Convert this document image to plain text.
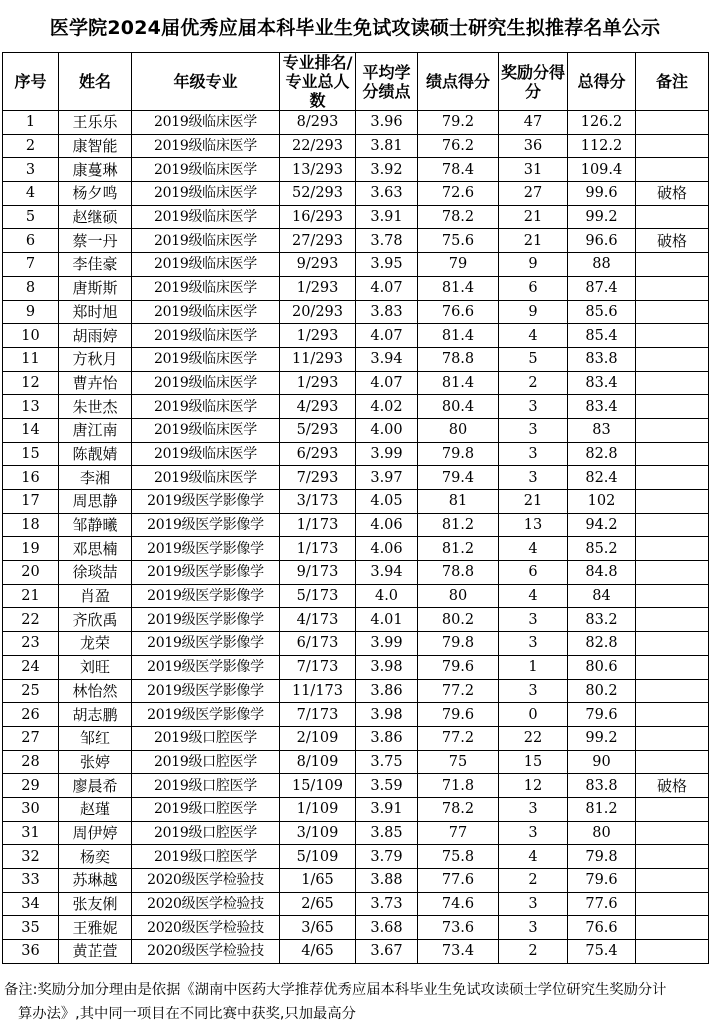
医学院2024届优秀应届本科毕业生免试攻读硕士研究生拟推荐名单公示
序号	姓名	年级专业	专业排名/专业总人数	平均学分绩点	绩点得分	奖励分得分	总得分	备注
1	王乐乐	2019级临床医学	8/293	3.96	79.2	47	126.2	
2	康智能	2019级临床医学	22/293	3.81	76.2	36	112.2	
3	康蔓琳	2019级临床医学	13/293	3.92	78.4	31	109.4	
4	杨夕鸣	2019级临床医学	52/293	3.63	72.6	27	99.6	破格
5	赵继硕	2019级临床医学	16/293	3.91	78.2	21	99.2	
6	蔡一丹	2019级临床医学	27/293	3.78	75.6	21	96.6	破格
7	李佳豪	2019级临床医学	9/293	3.95	79	9	88	
8	唐斯斯	2019级临床医学	1/293	4.07	81.4	6	87.4	
9	郑时旭	2019级临床医学	20/293	3.83	76.6	9	85.6	
10	胡雨婷	2019级临床医学	1/293	4.07	81.4	4	85.4	
11	方秋月	2019级临床医学	11/293	3.94	78.8	5	83.8	
12	曹卉怡	2019级临床医学	1/293	4.07	81.4	2	83.4	
13	朱世杰	2019级临床医学	4/293	4.02	80.4	3	83.4	
14	唐江南	2019级临床医学	5/293	4.00	80	3	83	
15	陈靓婧	2019级临床医学	6/293	3.99	79.8	3	82.8	
16	李湘	2019级临床医学	7/293	3.97	79.4	3	82.4	
17	周思静	2019级医学影像学	3/173	4.05	81	21	102	
18	邹静曦	2019级医学影像学	1/173	4.06	81.2	13	94.2	
19	邓思楠	2019级医学影像学	1/173	4.06	81.2	4	85.2	
20	徐琰喆	2019级医学影像学	9/173	3.94	78.8	6	84.8	
21	肖盈	2019级医学影像学	5/173	4.0	80	4	84	
22	齐欣禹	2019级医学影像学	4/173	4.01	80.2	3	83.2	
23	龙荣	2019级医学影像学	6/173	3.99	79.8	3	82.8	
24	刘旺	2019级医学影像学	7/173	3.98	79.6	1	80.6	
25	林怡然	2019级医学影像学	11/173	3.86	77.2	3	80.2	
26	胡志鹏	2019级医学影像学	7/173	3.98	79.6	0	79.6	
27	邹红	2019级口腔医学	2/109	3.86	77.2	22	99.2	
28	张婷	2019级口腔医学	8/109	3.75	75	15	90	
29	廖晨希	2019级口腔医学	15/109	3.59	71.8	12	83.8	破格
30	赵瑾	2019级口腔医学	1/109	3.91	78.2	3	81.2	
31	周伊婷	2019级口腔医学	3/109	3.85	77	3	80	
32	杨奕	2019级口腔医学	5/109	3.79	75.8	4	79.8	
33	苏琳越	2020级医学检验技	1/65	3.88	77.6	2	79.6	
34	张友俐	2020级医学检验技	2/65	3.73	74.6	3	77.6	
35	王雅妮	2020级医学检验技	3/65	3.68	73.6	3	76.6	
36	黄芷萱	2020级医学检验技	4/65	3.67	73.4	2	75.4	
备注:奖励分加分理由是依据《湖南中医药大学推荐优秀应届本科毕业生免试攻读硕士学位研究生奖励分计
算办法》,其中同一项目在不同比赛中获奖,只加最高分
